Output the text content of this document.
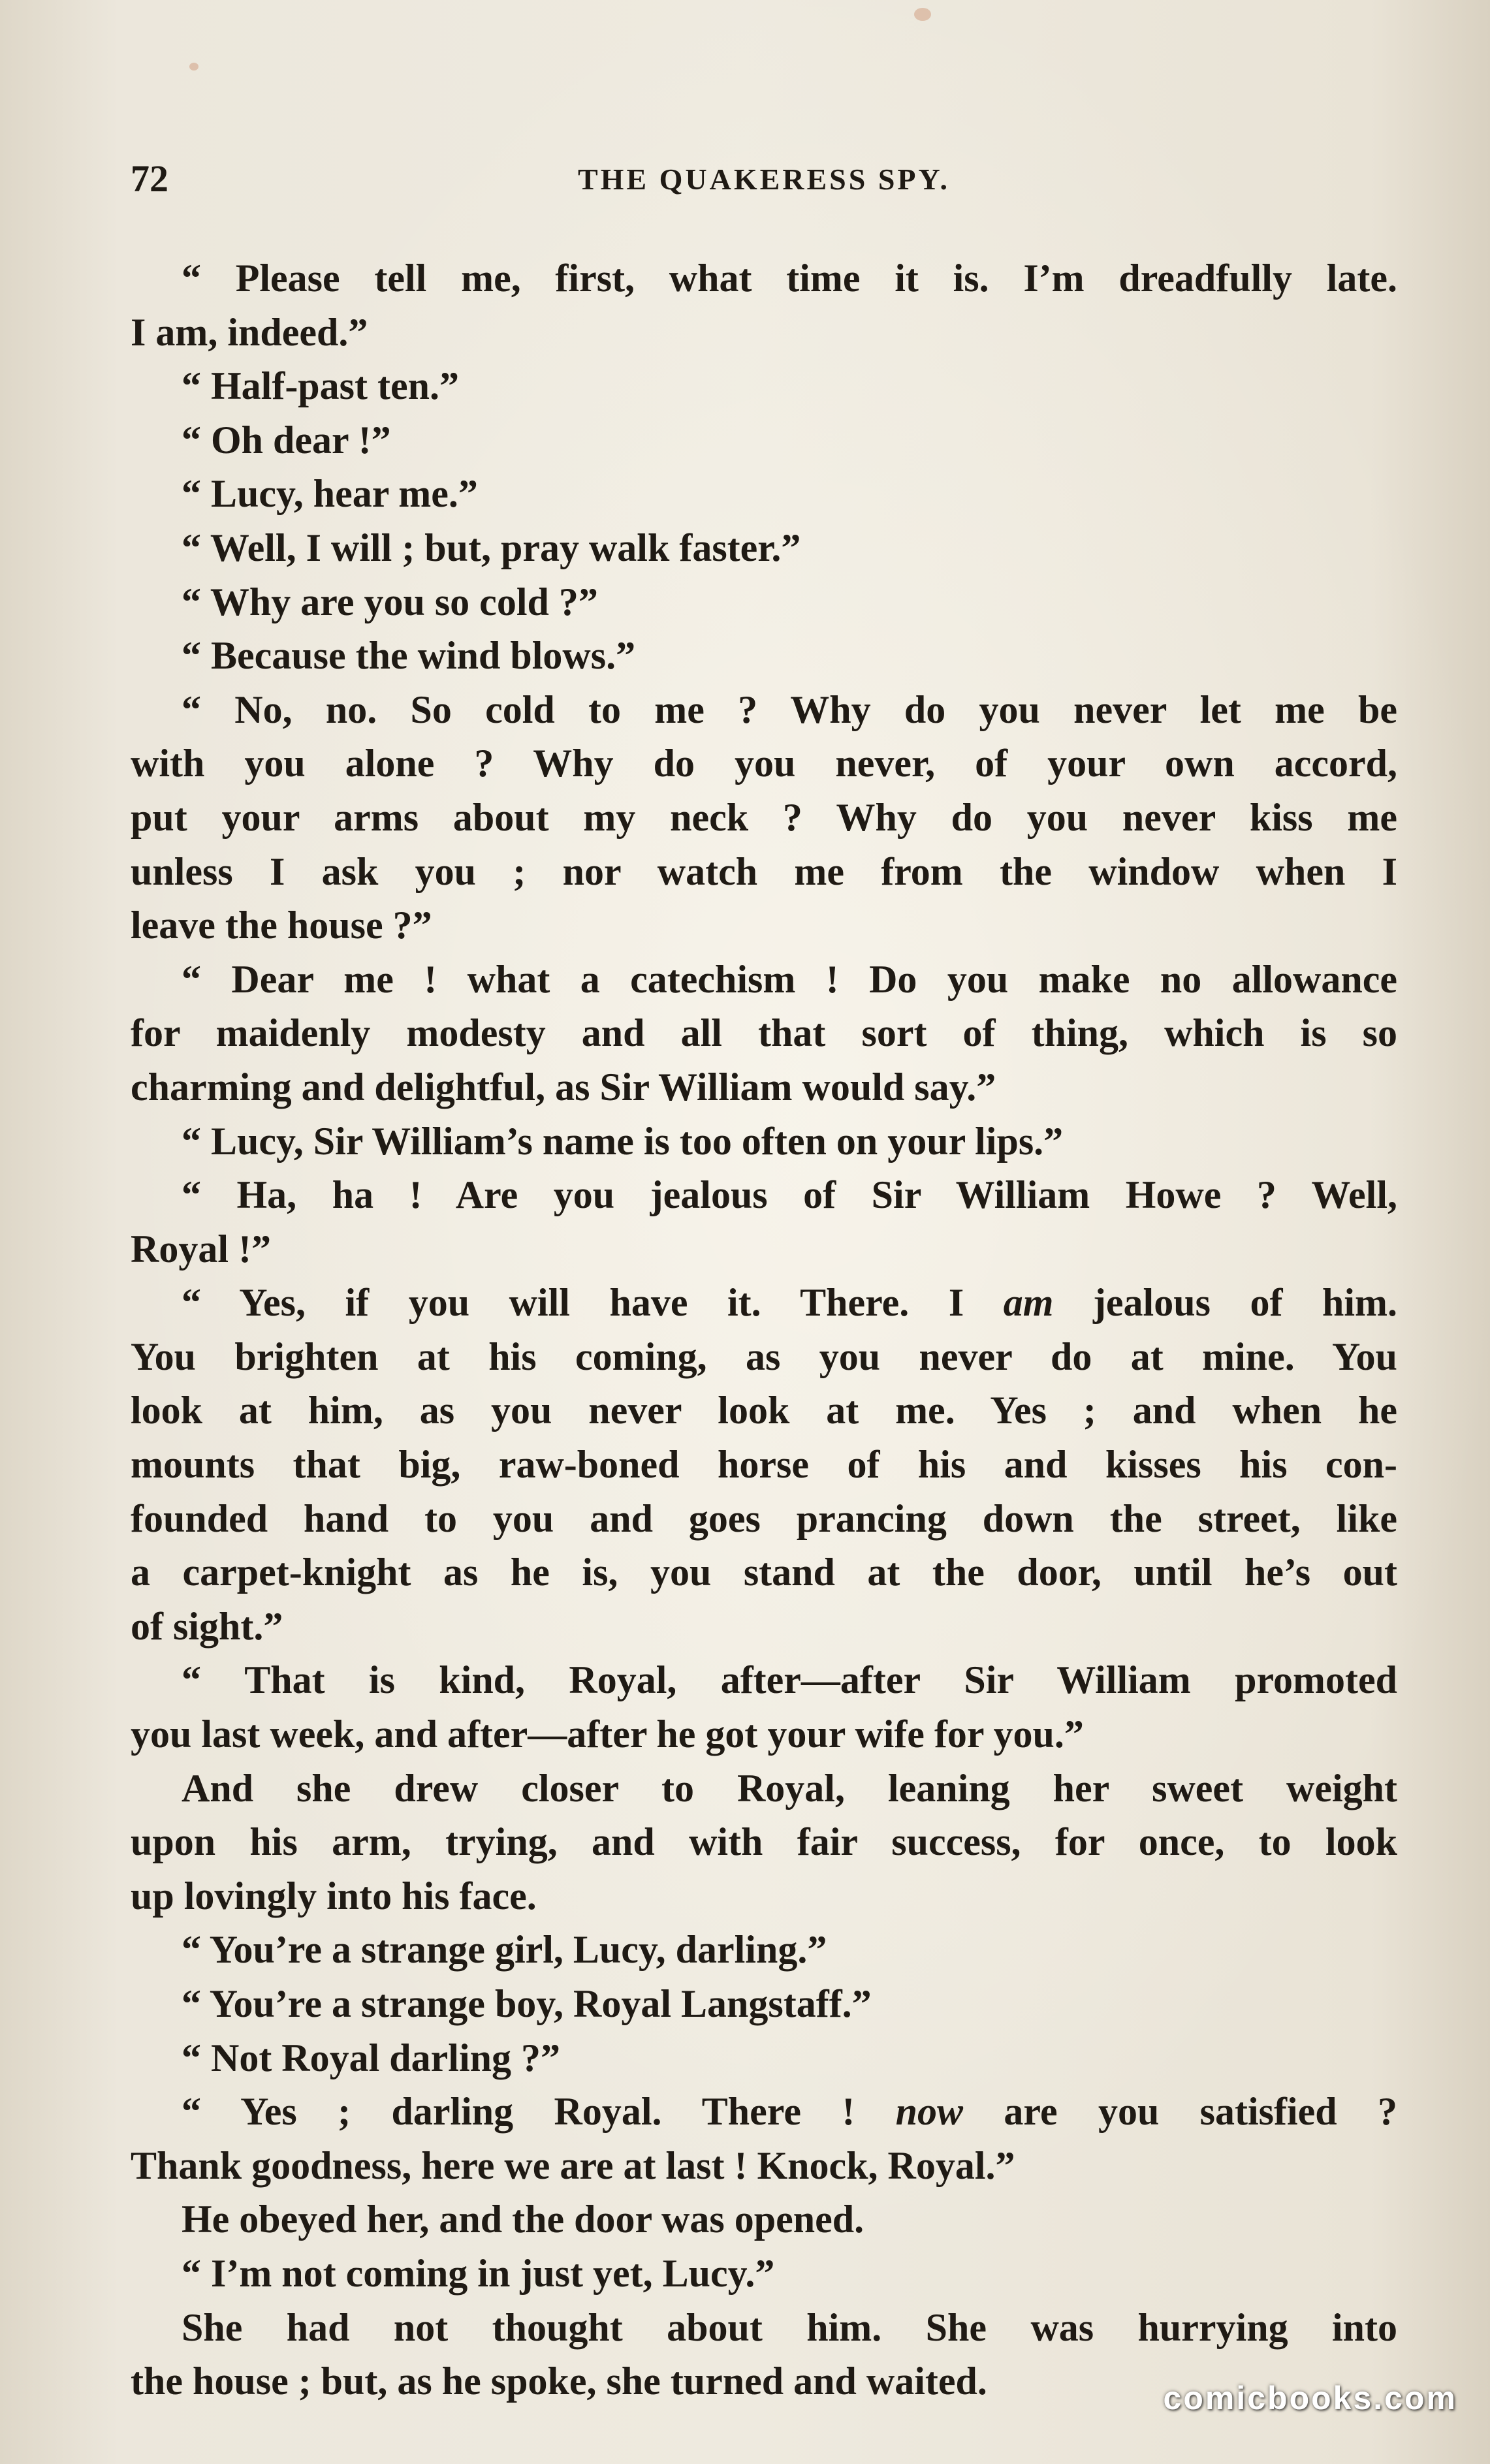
72	THE QUAKERESS SPY.
“ Please tell me, first, what time it is. I’m dreadfully late.
I am, indeed.”
“ Half-past ten.”
“ Oh dear !”
“ Lucy, hear me.”
“ Well, I will ; but, pray walk faster.”
“ Why are you so cold ?”
“ Because the wind blows.”
“ No, no. So cold to me ? Why do you never let me be
with you alone ? Why do you never, of your own accord,
put your arms about my neck ? Why do you never kiss me
unless I ask you ; nor watch me from the window when I
leave the house ?”
“ Dear me ! what a catechism ! Do you make no allowance
for maidenly modesty and all that sort of thing, which is so
charming and delightful, as Sir William would say.”
“ Lucy, Sir William’s name is too often on your lips.”
“ Ha, ha ! Are you jealous of Sir William Howe ? Well,
Royal !”
“ Yes, if you will have it. There. I am jealous of him.
You brighten at his coming, as you never do at mine. You
look at him, as you never look at me. Yes ; and when he
mounts that big, raw-boned horse of his and kisses his con-
founded hand to you and goes prancing down the street, like
a carpet-knight as he is, you stand at the door, until he’s out
of sight.”
“ That is kind, Royal, after—after Sir William promoted
you last week, and after—after he got your wife for you.”
And she drew closer to Royal, leaning her sweet weight
upon his arm, trying, and with fair success, for once, to look
up lovingly into his face.
“ You’re a strange girl, Lucy, darling.”
“ You’re a strange boy, Royal Langstaff.”
“ Not Royal darling ?”
“ Yes ; darling Royal. There ! now are you satisfied ?
Thank goodness, here we are at last ! Knock, Royal.”
He obeyed her, and the door was opened.
“ I’m not coming in just yet, Lucy.”
She had not thought about him. She was hurrying into
the house ; but, as he spoke, she turned and waited.	comicbooks.com
